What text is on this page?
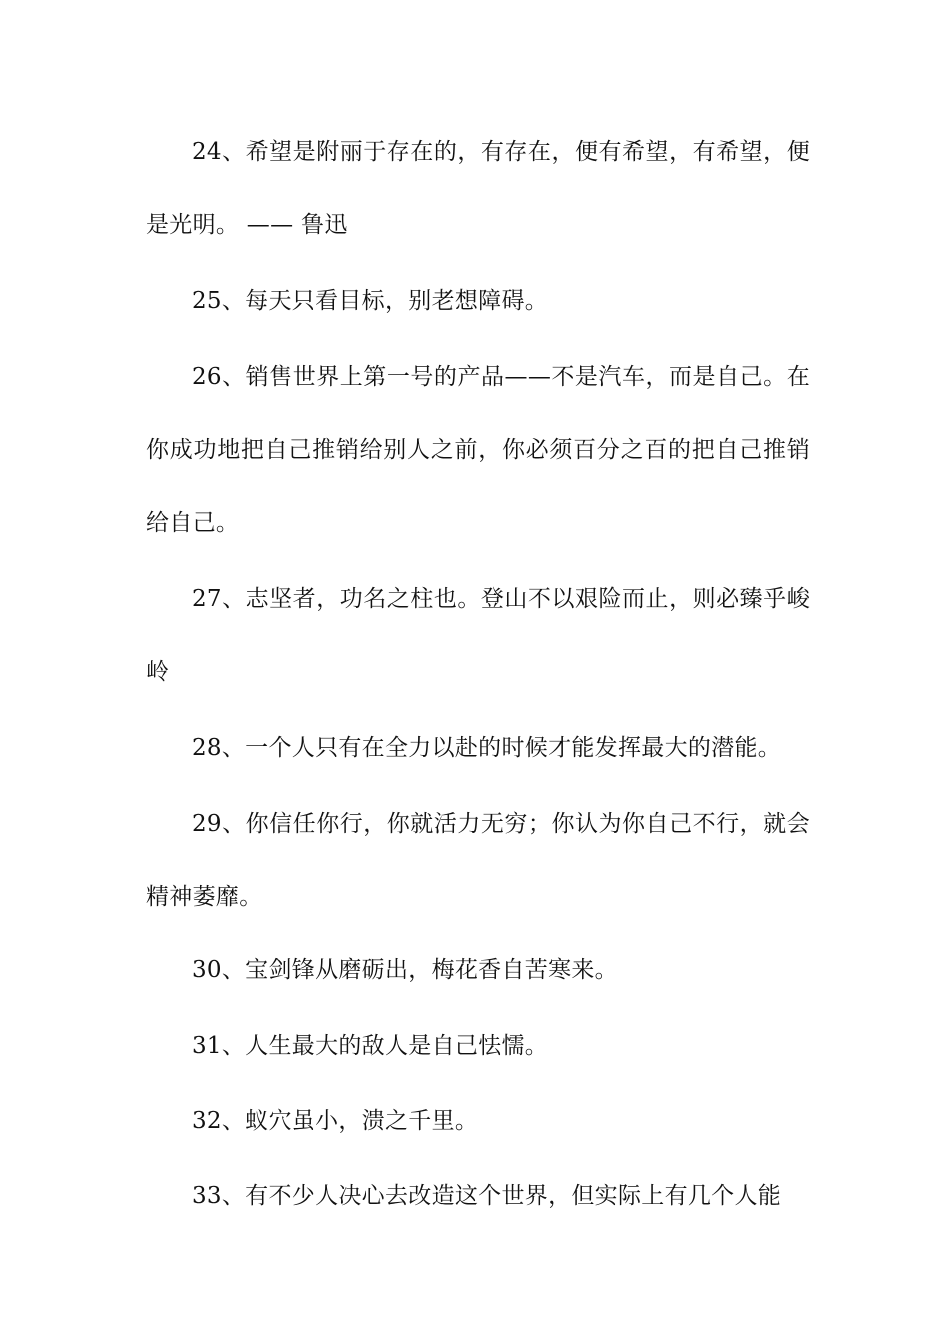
24、希望是附丽于存在的，有存在，便有希望，有希望，便是光明。 —— 鲁迅

25、每天只看目标，别老想障碍。

26、销售世界上第一号的产品——不是汽车，而是自己。在你成功地把自己推销给别人之前，你必须百分之百的把自己推销给自己。

27、志坚者，功名之柱也。登山不以艰险而止，则必臻乎峻岭

28、一个人只有在全力以赴的时候才能发挥最大的潜能。

29、你信任你行，你就活力无穷；你认为你自己不行，就会精神萎靡。

30、宝剑锋从磨砺出，梅花香自苦寒来。

31、人生最大的敌人是自己怯懦。

32、蚁穴虽小，溃之千里。

33、有不少人决心去改造这个世界，但实际上有几个人能
